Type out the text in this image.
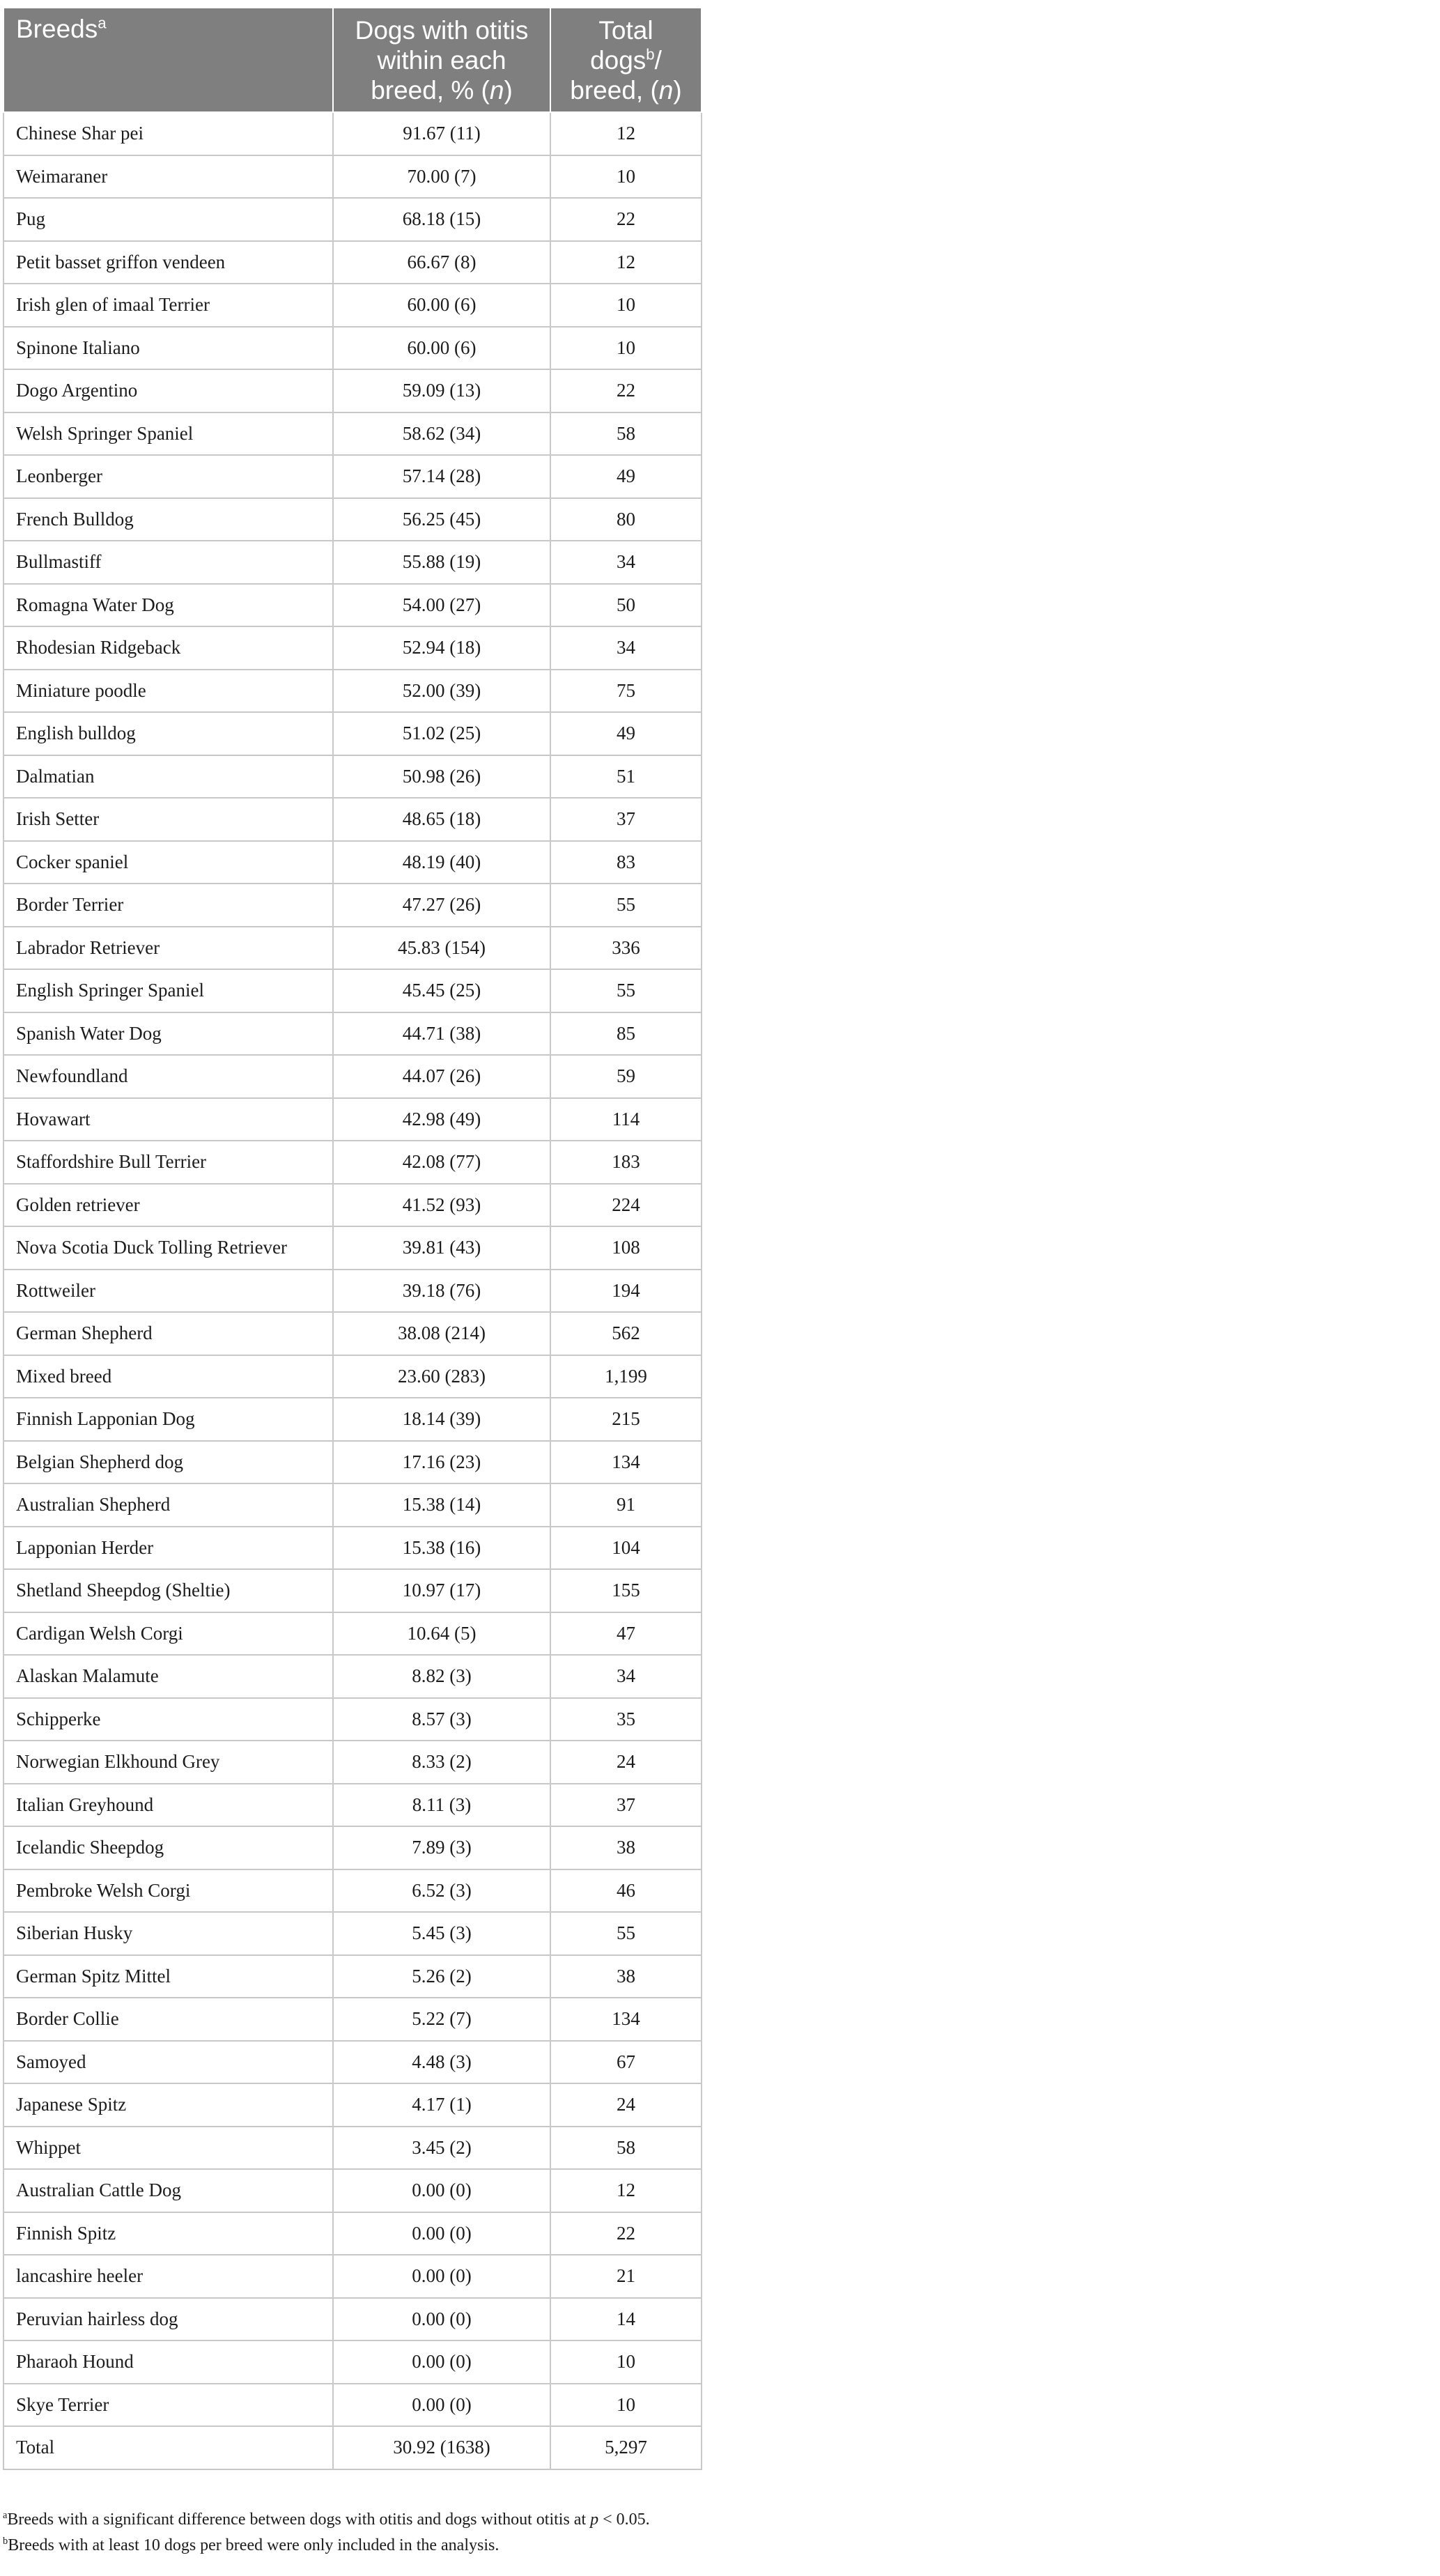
Breeds$^a$	Dogs with otitis
within each
breed, % (n)	Total
dogs$^b$/
breed, (n)
Chinese Shar pei	91.67 (11)	12
Weimaraner	70.00 (7)	10
Pug	68.18 (15)	22
Petit basset griffon vendeen	66.67 (8)	12
Irish glen of imaal Terrier	60.00 (6)	10
Spinone Italiano	60.00 (6)	10
Dogo Argentino	59.09 (13)	22
Welsh Springer Spaniel	58.62 (34)	58
Leonberger	57.14 (28)	49
French Bulldog	56.25 (45)	80
Bullmastiff	55.88 (19)	34
Romagna Water Dog	54.00 (27)	50
Rhodesian Ridgeback	52.94 (18)	34
Miniature poodle	52.00 (39)	75
English bulldog	51.02 (25)	49
Dalmatian	50.98 (26)	51
Irish Setter	48.65 (18)	37
Cocker spaniel	48.19 (40)	83
Border Terrier	47.27 (26)	55
Labrador Retriever	45.83 (154)	336
English Springer Spaniel	45.45 (25)	55
Spanish Water Dog	44.71 (38)	85
Newfoundland	44.07 (26)	59
Hovawart	42.98 (49)	114
Staffordshire Bull Terrier	42.08 (77)	183
Golden retriever	41.52 (93)	224
Nova Scotia Duck Tolling Retriever	39.81 (43)	108
Rottweiler	39.18 (76)	194
German Shepherd	38.08 (214)	562
Mixed breed	23.60 (283)	1,199
Finnish Lapponian Dog	18.14 (39)	215
Belgian Shepherd dog	17.16 (23)	134
Australian Shepherd	15.38 (14)	91
Lapponian Herder	15.38 (16)	104
Shetland Sheepdog (Sheltie)	10.97 (17)	155
Cardigan Welsh Corgi	10.64 (5)	47
Alaskan Malamute	8.82 (3)	34
Schipperke	8.57 (3)	35
Norwegian Elkhound Grey	8.33 (2)	24
Italian Greyhound	8.11 (3)	37
Icelandic Sheepdog	7.89 (3)	38
Pembroke Welsh Corgi	6.52 (3)	46
Siberian Husky	5.45 (3)	55
German Spitz Mittel	5.26 (2)	38
Border Collie	5.22 (7)	134
Samoyed	4.48 (3)	67
Japanese Spitz	4.17 (1)	24
Whippet	3.45 (2)	58
Australian Cattle Dog	0.00 (0)	12
Finnish Spitz	0.00 (0)	22
lancashire heeler	0.00 (0)	21
Peruvian hairless dog	0.00 (0)	14
Pharaoh Hound	0.00 (0)	10
Skye Terrier	0.00 (0)	10
Total	30.92 (1638)	5,297

$^a$Breeds with a significant difference between dogs with otitis and dogs without otitis at p < 0.05.

$^b$Breeds with at least 10 dogs per breed were only included in the analysis.
